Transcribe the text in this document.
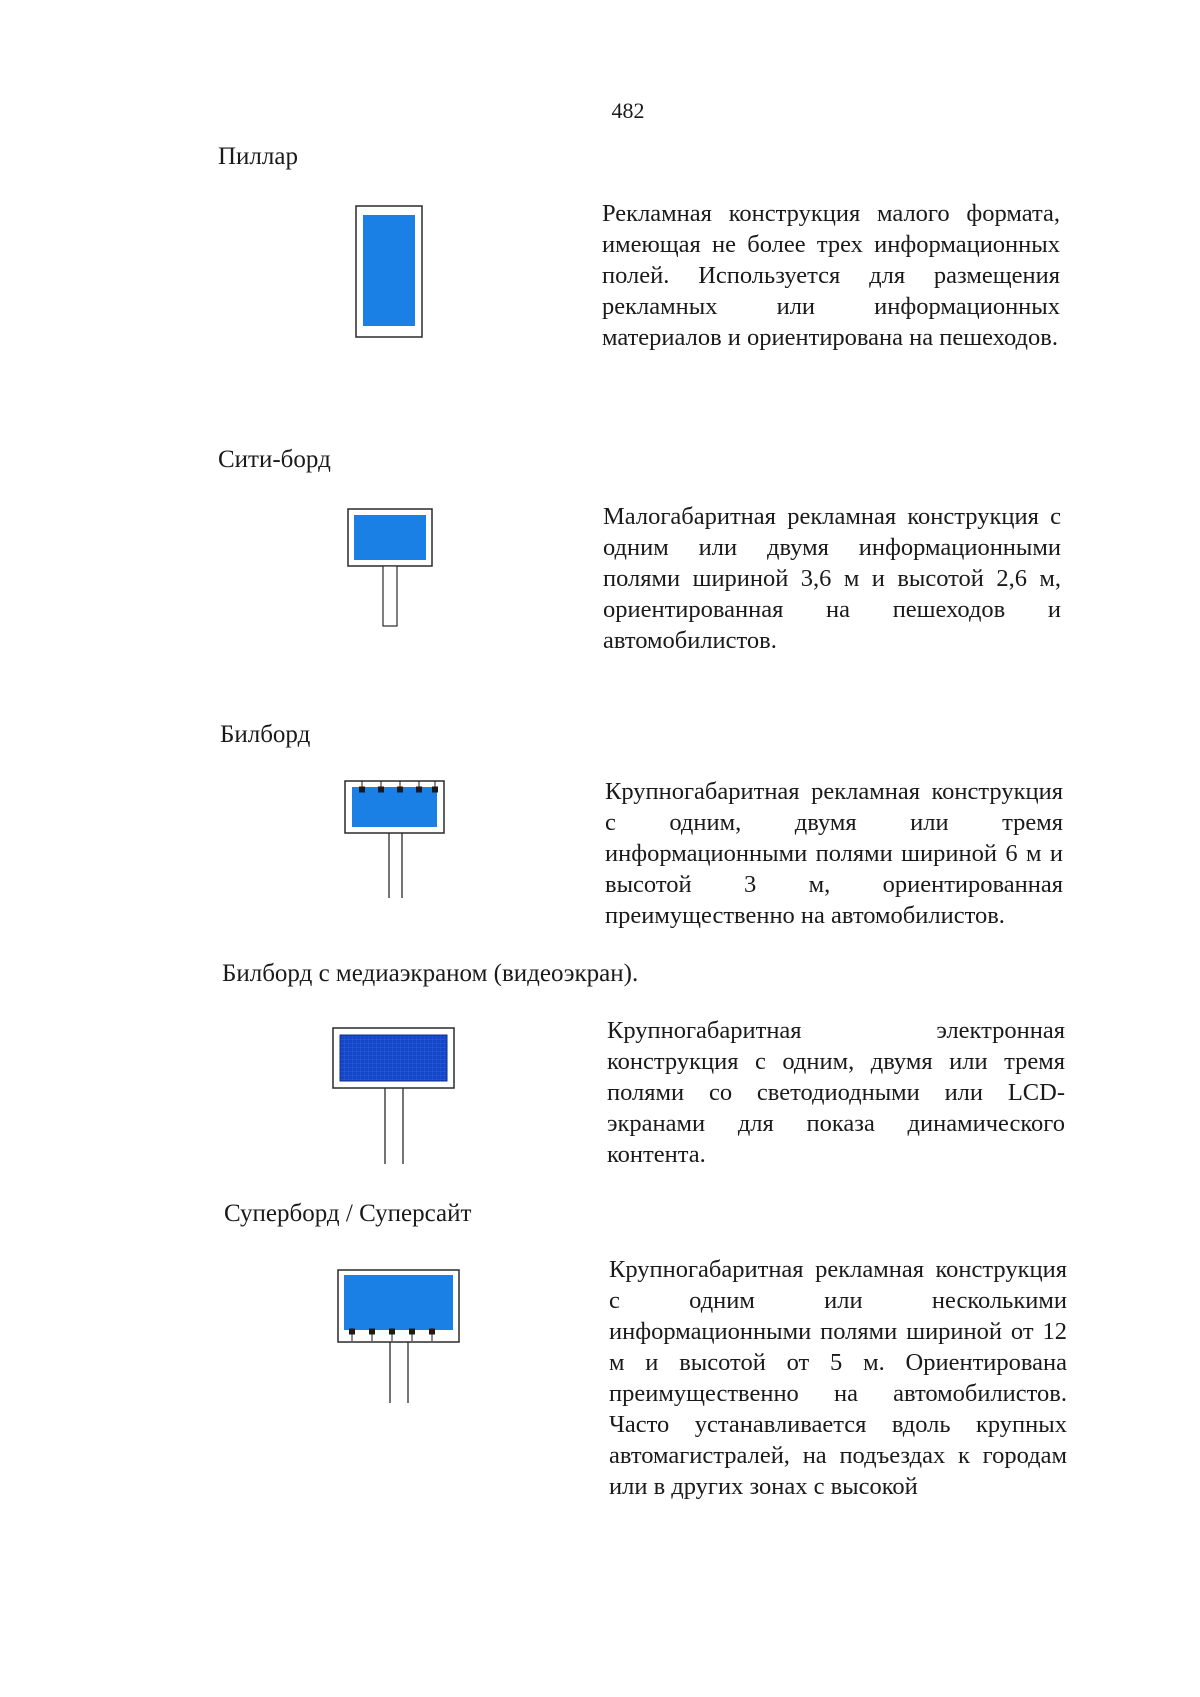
482
Пиллар
Рекламная конструкция малого формата, имеющая не более трех информационных полей. Используется для размещения рекламных или информационных материалов и ориентирована на пешеходов.
Сити-борд
Малогабаритная рекламная конструкция с одним или двумя информационными полями шириной 3,6 м и высотой 2,6 м, ориентированная на пешеходов и автомобилистов.
Билборд
Крупногабаритная рекламная конструкция с одним, двумя или тремя информационными полями шириной 6 м и высотой 3 м, ориентированная преимущественно на автомобилистов.
Билборд с медиаэкраном (видеоэкран).
Крупногабаритная электронная конструкция с одним, двумя или тремя полями со светодиодными или LCD-экранами для показа динамического контента.
Суперборд / Суперсайт
Крупногабаритная рекламная конструкция с одним или несколькими информационными полями шириной от 12 м и высотой от 5 м. Ориентирована преимущественно на автомобилистов. Часто устанавливается вдоль крупных автомагистралей, на подъездах к городам или в других зонах с высокой
